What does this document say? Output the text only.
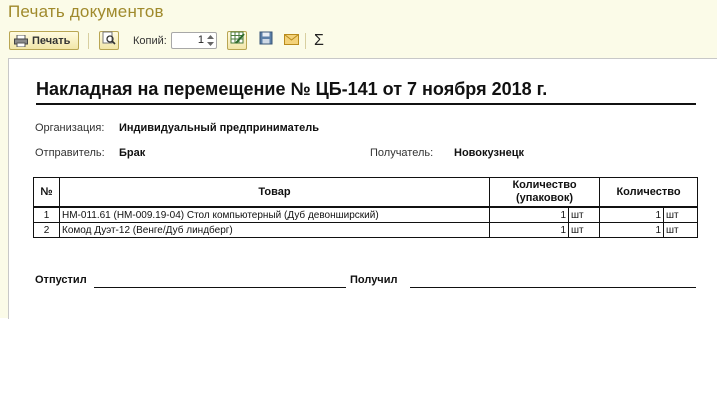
Печать документов
Печать	Копий:	1	Σ
Накладная на перемещение № ЦБ-141 от 7 ноября 2018 г.
Организация: Индивидуальный предприниматель
Отправитель: Брак	Получатель: Новокузнецк
№	Товар	Количество (упаковок)		Количество	
1	НМ-011.61 (НМ-009.19-04) Стол компьютерный (Дуб девонширский)	1	шт	1	шт
2	Комод Дуэт-12 (Венге/Дуб линдберг)	1	шт	1	шт
Отпустил	Получил
